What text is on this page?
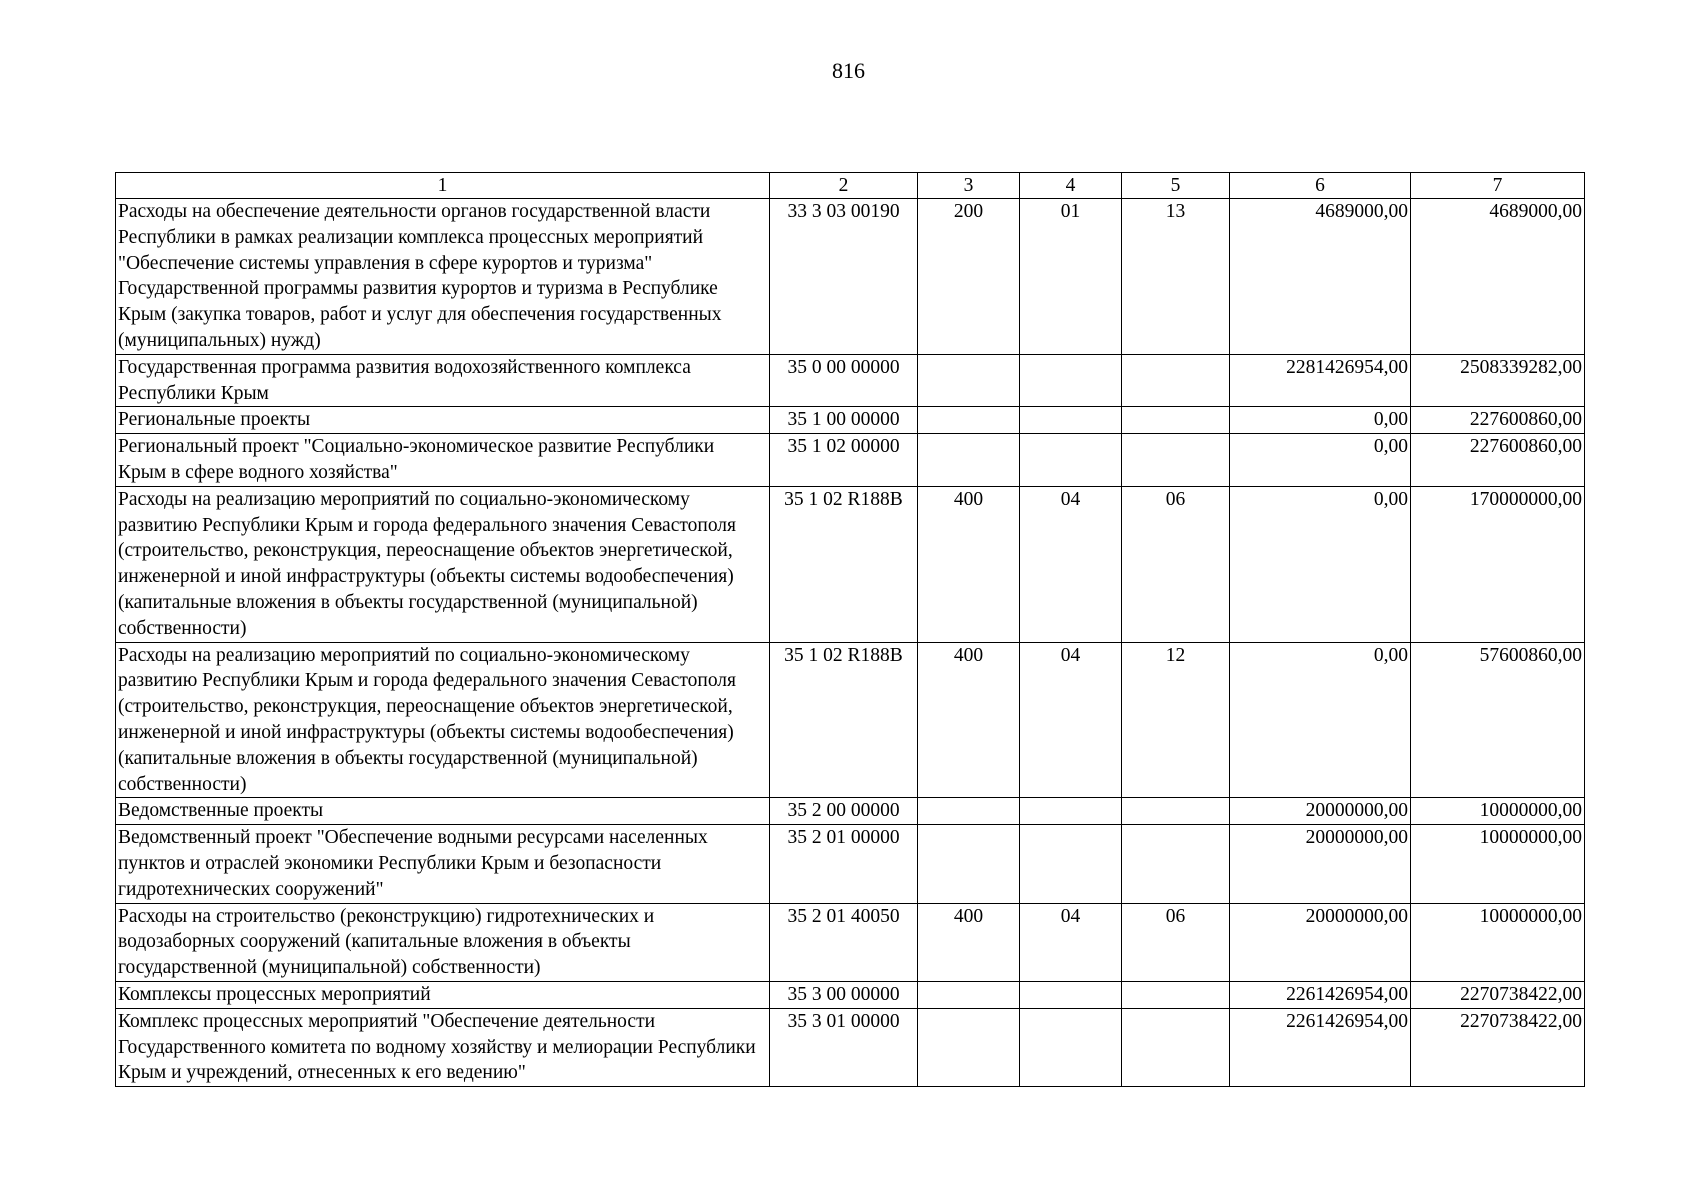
816
1	2	3	4	5	6	7
Расходы на обеспечение деятельности органов государственной власти Республики в рамках реализации комплекса процессных мероприятий "Обеспечение системы управления в сфере курортов и туризма" Государственной программы развития курортов и туризма в Республике Крым (закупка товаров, работ и услуг для обеспечения государственных (муниципальных) нужд)	33 3 03 00190	200	01	13	4689000,00	4689000,00
Государственная программа развития водохозяйственного комплекса Республики Крым	35 0 00 00000				2281426954,00	2508339282,00
Региональные проекты	35 1 00 00000				0,00	227600860,00
Региональный проект "Социально-экономическое развитие Республики Крым в сфере водного хозяйства"	35 1 02 00000				0,00	227600860,00
Расходы на реализацию мероприятий по социально-экономическому развитию Республики Крым и города федерального значения Севастополя (строительство, реконструкция, переоснащение объектов энергетической, инженерной и иной инфраструктуры (объекты системы водообеспечения) (капитальные вложения в объекты государственной (муниципальной) собственности)	35 1 02 R188B	400	04	06	0,00	170000000,00
Расходы на реализацию мероприятий по социально-экономическому развитию Республики Крым и города федерального значения Севастополя (строительство, реконструкция, переоснащение объектов энергетической, инженерной и иной инфраструктуры (объекты системы водообеспечения) (капитальные вложения в объекты государственной (муниципальной) собственности)	35 1 02 R188B	400	04	12	0,00	57600860,00
Ведомственные проекты	35 2 00 00000				20000000,00	10000000,00
Ведомственный проект "Обеспечение водными ресурсами населенных пунктов и отраслей экономики Республики Крым и безопасности гидротехнических сооружений"	35 2 01 00000				20000000,00	10000000,00
Расходы на строительство (реконструкцию) гидротехнических и водозаборных сооружений (капитальные вложения в объекты государственной (муниципальной) собственности)	35 2 01 40050	400	04	06	20000000,00	10000000,00
Комплексы процессных мероприятий	35 3 00 00000				2261426954,00	2270738422,00
Комплекс процессных мероприятий "Обеспечение деятельности Государственного комитета по водному хозяйству и мелиорации Республики Крым и учреждений, отнесенных к его ведению"	35 3 01 00000				2261426954,00	2270738422,00
